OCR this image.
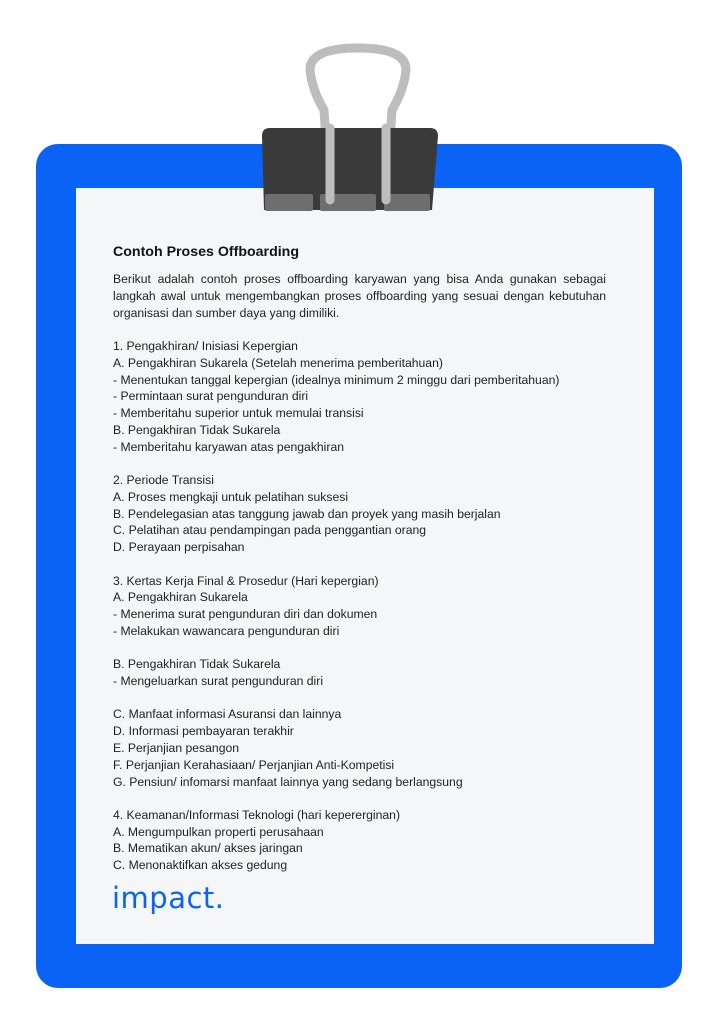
Contoh Proses Offboarding
Berikut adalah contoh proses offboarding karyawan yang bisa Anda gunakan sebagai langkah awal untuk mengembangkan proses offboarding yang sesuai dengan kebutuhan organisasi dan sumber daya yang dimiliki.
1. Pengakhiran/ Inisiasi Kepergian
A. Pengakhiran Sukarela (Setelah menerima pemberitahuan)
- Menentukan tanggal kepergian (idealnya minimum 2 minggu dari pemberitahuan)
- Permintaan surat pengunduran diri
- Memberitahu superior untuk memulai transisi
B. Pengakhiran Tidak Sukarela
- Memberitahu karyawan atas pengakhiran
2. Periode Transisi
A. Proses mengkaji untuk pelatihan suksesi
B. Pendelegasian atas tanggung jawab dan proyek yang masih berjalan
C. Pelatihan atau pendampingan pada penggantian orang
D. Perayaan perpisahan
3. Kertas Kerja Final & Prosedur (Hari kepergian)
A. Pengakhiran Sukarela
- Menerima surat pengunduran diri dan dokumen
- Melakukan wawancara pengunduran diri
B. Pengakhiran Tidak Sukarela
- Mengeluarkan surat pengunduran diri
C. Manfaat informasi Asuransi dan lainnya
D. Informasi pembayaran terakhir
E. Perjanjian pesangon
F. Perjanjian Kerahasiaan/ Perjanjian Anti-Kompetisi
G. Pensiun/ infomarsi manfaat lainnya yang sedang berlangsung
4. Keamanan/Informasi Teknologi (hari kepererginan)
A. Mengumpulkan properti perusahaan
B. Mematikan akun/ akses jaringan
C. Menonaktifkan akses gedung
impact.
